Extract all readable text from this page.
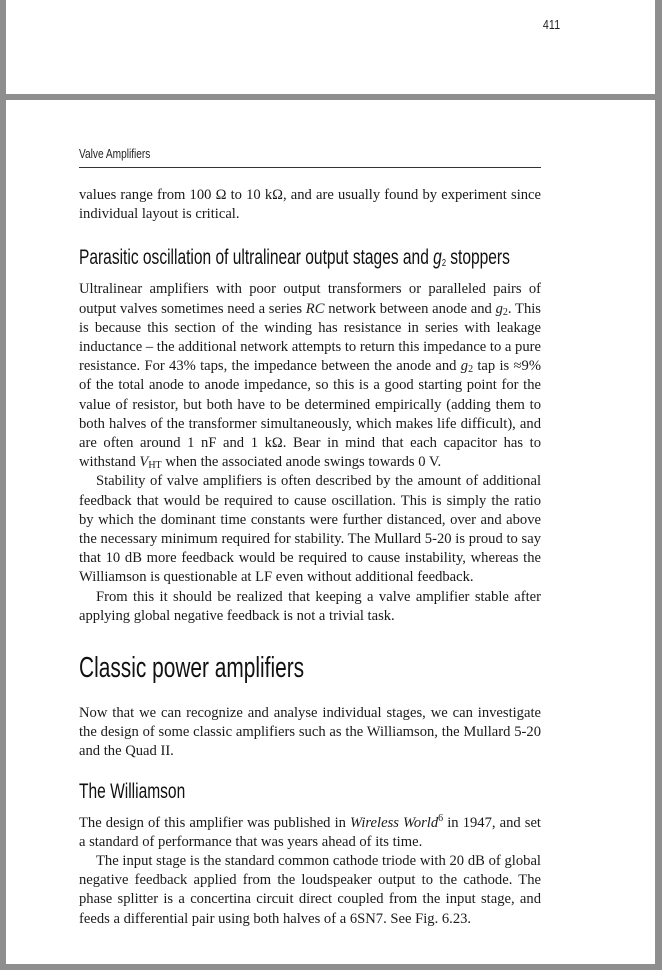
411
Valve Amplifiers

values range from 100 Ω to 10 kΩ, and are usually found by experiment since individual layout is critical.

Parasitic oscillation of ultralinear output stages and $g_2$ stoppers

Ultralinear amplifiers with poor output transformers or paralleled pairs of output valves sometimes need a series RC network between anode and $g_2$. This is because this section of the winding has resistance in series with leakage inductance – the additional network attempts to return this impedance to a pure resistance. For 43% taps, the impedance between the anode and $g_2$ tap is ≈9% of the total anode to anode impedance, so this is a good starting point for the value of resistor, but both have to be determined empirically (adding them to both halves of the transformer simultaneously, which makes life difficult), and are often around 1 nF and 1 kΩ. Bear in mind that each capacitor has to withstand $V_{HT}$ when the associated anode swings towards 0 V.

Stability of valve amplifiers is often described by the amount of additional feedback that would be required to cause oscillation. This is simply the ratio by which the dominant time constants were further distanced, over and above the necessary minimum required for stability. The Mullard 5-20 is proud to say that 10 dB more feedback would be required to cause instability, whereas the Williamson is questionable at LF even without additional feedback.

From this it should be realized that keeping a valve amplifier stable after applying global negative feedback is not a trivial task.

Classic power amplifiers

Now that we can recognize and analyse individual stages, we can investigate the design of some classic amplifiers such as the Williamson, the Mullard 5-20 and the Quad II.

The Williamson

The design of this amplifier was published in Wireless World$^6$ in 1947, and set a standard of performance that was years ahead of its time.

The input stage is the standard common cathode triode with 20 dB of global negative feedback applied from the loudspeaker output to the cathode. The phase splitter is a concertina circuit direct coupled from the input stage, and feeds a differential pair using both halves of a 6SN7. See Fig. 6.23.
